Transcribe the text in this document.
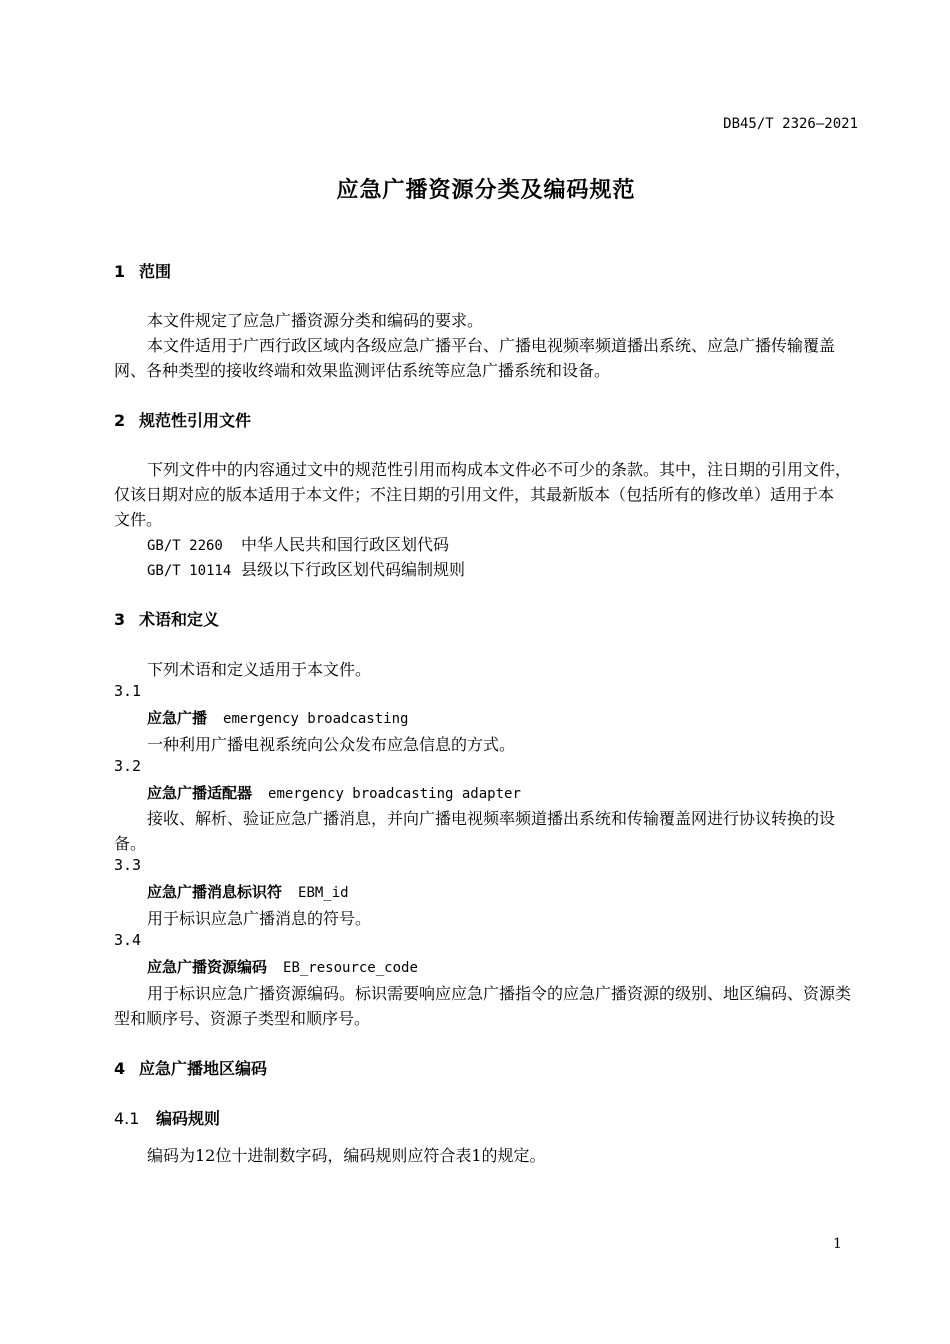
DB45/T 2326—2021
应急广播资源分类及编码规范
1 范围
本文件规定了应急广播资源分类和编码的要求。
本文件适用于广西行政区域内各级应急广播平台、广播电视频率频道播出系统、应急广播传输覆盖
网、各种类型的接收终端和效果监测评估系统等应急广播系统和设备。
2 规范性引用文件
下列文件中的内容通过文中的规范性引用而构成本文件必不可少的条款。其中，注日期的引用文件，
仅该日期对应的版本适用于本文件；不注日期的引用文件，其最新版本（包括所有的修改单）适用于本
文件。
GB/T 2260 中华人民共和国行政区划代码
GB/T 10114 县级以下行政区划代码编制规则
3 术语和定义
下列术语和定义适用于本文件。
3.1
应急广播 emergency broadcasting
一种利用广播电视系统向公众发布应急信息的方式。
3.2
应急广播适配器 emergency broadcasting adapter
接收、解析、验证应急广播消息，并向广播电视频率频道播出系统和传输覆盖网进行协议转换的设
备。
3.3
应急广播消息标识符 EBM_id
用于标识应急广播消息的符号。
3.4
应急广播资源编码 EB_resource_code
用于标识应急广播资源编码。标识需要响应应急广播指令的应急广播资源的级别、地区编码、资源类
型和顺序号、资源子类型和顺序号。
4 应急广播地区编码
4.1 编码规则
编码为12位十进制数字码，编码规则应符合表1的规定。
1
